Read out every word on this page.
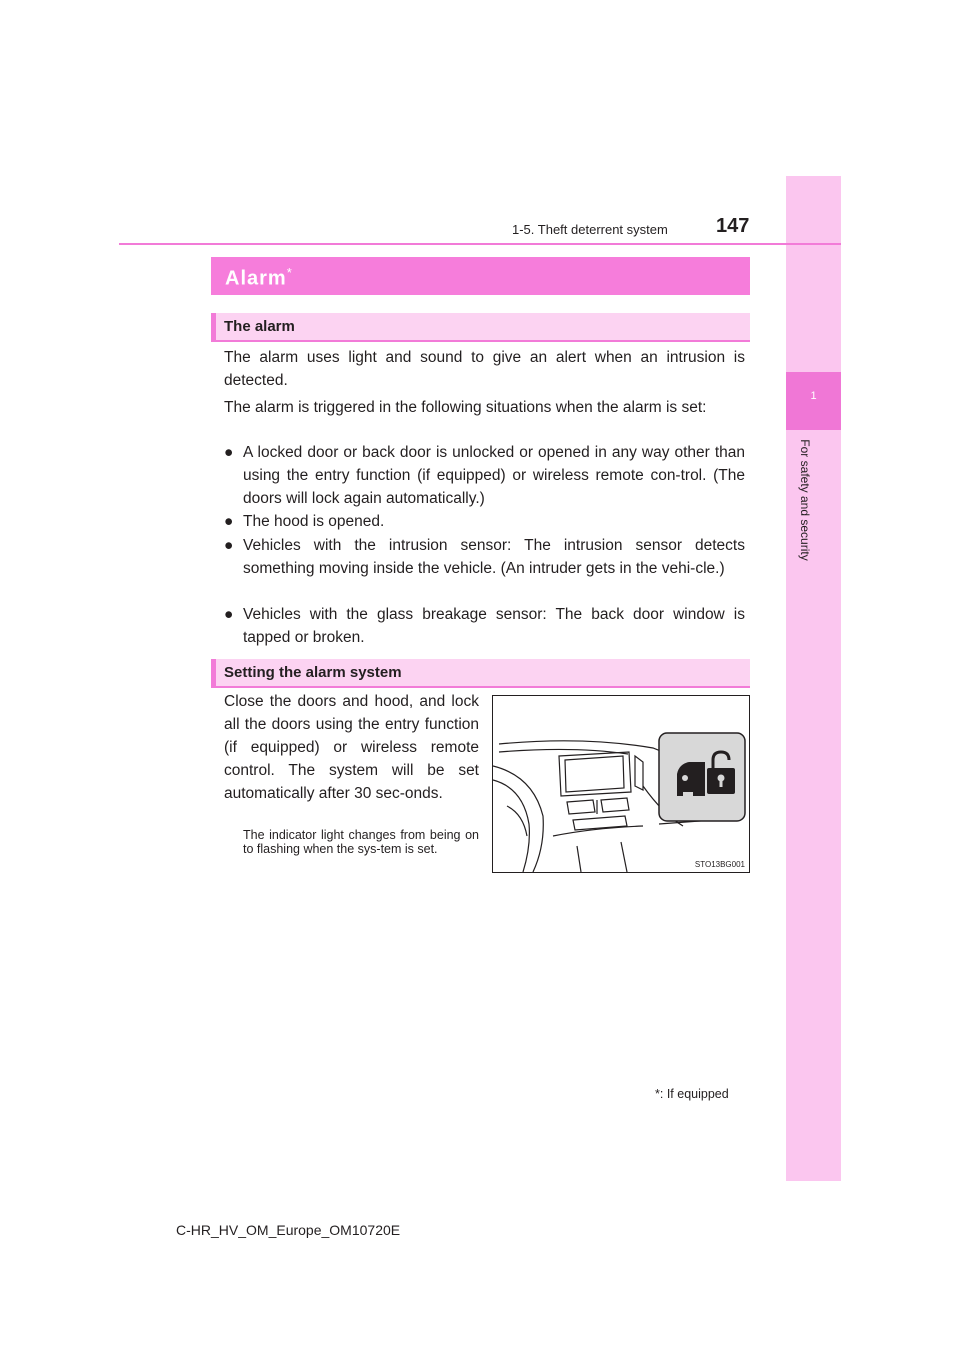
1
For safety and security
1-5. Theft deterrent system 147
Alarm*
The alarm

The alarm uses light and sound to give an alert when an intrusion is detected.

The alarm is triggered in the following situations when the alarm is set:

● A locked door or back door is unlocked or opened in any way other than using the entry function (if equipped) or wireless remote con-trol. (The doors will lock again automatically.)
● The hood is opened.
● Vehicles with the intrusion sensor: The intrusion sensor detects something moving inside the vehicle. (An intruder gets in the vehi-cle.)
● Vehicles with the glass breakage sensor: The back door window is tapped or broken.
Setting the alarm system

Close the doors and hood, and lock all the doors using the entry function (if equipped) or wireless remote control. The system will be set automatically after 30 sec-onds.

The indicator light changes from being on to flashing when the sys-tem is set.

STO13BG001
*: If equipped
C-HR_HV_OM_Europe_OM10720E
